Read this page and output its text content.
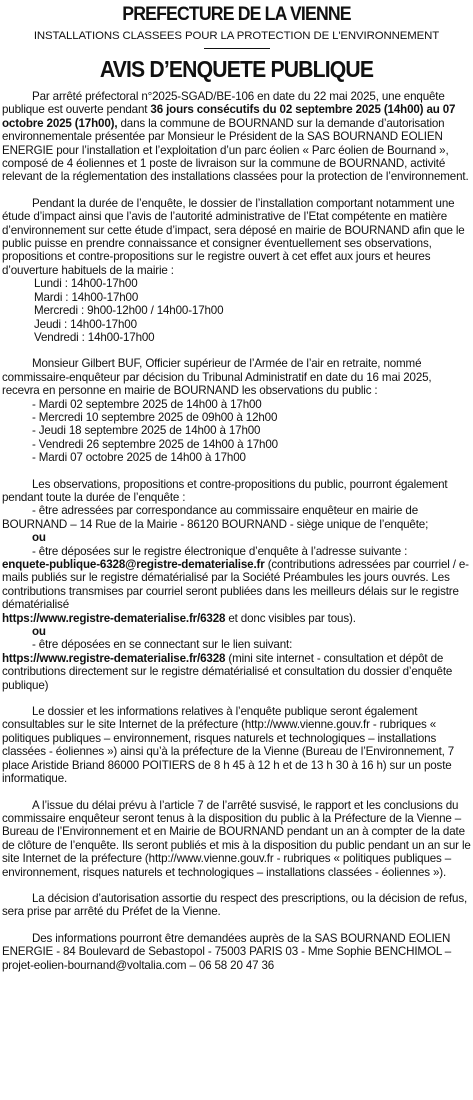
PREFECTURE DE LA VIENNE
INSTALLATIONS CLASSEES POUR LA PROTECTION DE L'ENVIRONNEMENT
AVIS D’ENQUETE PUBLIQUE

Par arrêté préfectoral n°2025-SGAD/BE-106 en date du 22 mai 2025, une enquête publique est ouverte pendant 36 jours consécutifs du 02 septembre 2025 (14h00) au 07 octobre 2025 (17h00), dans la commune de BOURNAND sur la demande d’autorisation environnementale présentée par Monsieur le Président de la SAS BOURNAND EOLIEN ENERGIE pour l’installation et l’exploitation d’un parc éolien « Parc éolien de Bournand », composé de 4 éoliennes et 1 poste de livraison sur la commune de BOURNAND, activité relevant de la réglementation des installations classées pour la protection de l’environnement.

Pendant la durée de l’enquête, le dossier de l’installation comportant notamment une étude d’impact ainsi que l’avis de l’autorité administrative de l’Etat compétente en matière d’environnement sur cette étude d’impact, sera déposé en mairie de BOURNAND afin que le public puisse en prendre connaissance et consigner éventuellement ses observations, propositions et contre-propositions sur le registre ouvert à cet effet aux jours et heures d’ouverture habituels de la mairie :

Lundi : 14h00-17h00
Mardi : 14h00-17h00
Mercredi : 9h00-12h00 / 14h00-17h00
Jeudi : 14h00-17h00
Vendredi : 14h00-17h00

Monsieur Gilbert BUF, Officier supérieur de l’Armée de l’air en retraite, nommé commissaire-enquêteur par décision du Tribunal Administratif en date du 16 mai 2025, recevra en personne en mairie de BOURNAND les observations du public :

- Mardi 02 septembre 2025 de 14h00 à 17h00
- Mercredi 10 septembre 2025 de 09h00 à 12h00
- Jeudi 18 septembre 2025 de 14h00 à 17h00
- Vendredi 26 septembre 2025 de 14h00 à 17h00
- Mardi 07 octobre 2025 de 14h00 à 17h00

Les observations, propositions et contre-propositions du public, pourront également pendant toute la durée de l’enquête :

- être adressées par correspondance au commissaire enquêteur en mairie de BOURNAND – 14 Rue de la Mairie - 86120 BOURNAND - siège unique de l’enquête;
ou
- être déposées sur le registre électronique d’enquête à l’adresse suivante :
enquete-publique-6328@registre-dematerialise.fr (contributions adressées par courriel / e-mails publiés sur le registre dématérialisé par la Société Préambules les jours ouvrés. Les contributions transmises par courriel seront publiées dans les meilleurs délais sur le registre dématérialisé
https://www.registre-dematerialise.fr/6328 et donc visibles par tous).
ou

- être déposées en se connectant sur le lien suivant:
https://www.registre-dematerialise.fr/6328 (mini site internet - consultation et dépôt de contributions directement sur le registre dématérialisé et consultation du dossier d’enquête publique)

Le dossier et les informations relatives à l’enquête publique seront également consultables sur le site Internet de la préfecture (http://www.vienne.gouv.fr - rubriques « politiques publiques – environnement, risques naturels et technologiques – installations classées - éoliennes ») ainsi qu’à la préfecture de la Vienne (Bureau de l’Environnement, 7 place Aristide Briand 86000 POITIERS de 8 h 45 à 12 h et de 13 h 30 à 16 h) sur un poste informatique.

A l’issue du délai prévu à l’article 7 de l’arrêté susvisé, le rapport et les conclusions du commissaire enquêteur seront tenus à la disposition du public à la Préfecture de la Vienne – Bureau de l’Environnement et en Mairie de BOURNAND pendant un an à compter de la date de clôture de l’enquête. Ils seront publiés et mis à la disposition du public pendant un an sur le site Internet de la préfecture (http://www.vienne.gouv.fr - rubriques « politiques publiques – environnement, risques naturels et technologiques – installations classées - éoliennes »).

La décision d’autorisation assortie du respect des prescriptions, ou la décision de refus, sera prise par arrêté du Préfet de la Vienne.

Des informations pourront être demandées auprès de la SAS BOURNAND EOLIEN ENERGIE - 84 Boulevard de Sebastopol - 75003 PARIS 03 - Mme Sophie BENCHIMOL – projet-eolien-bournand@voltalia.com – 06 58 20 47 36
